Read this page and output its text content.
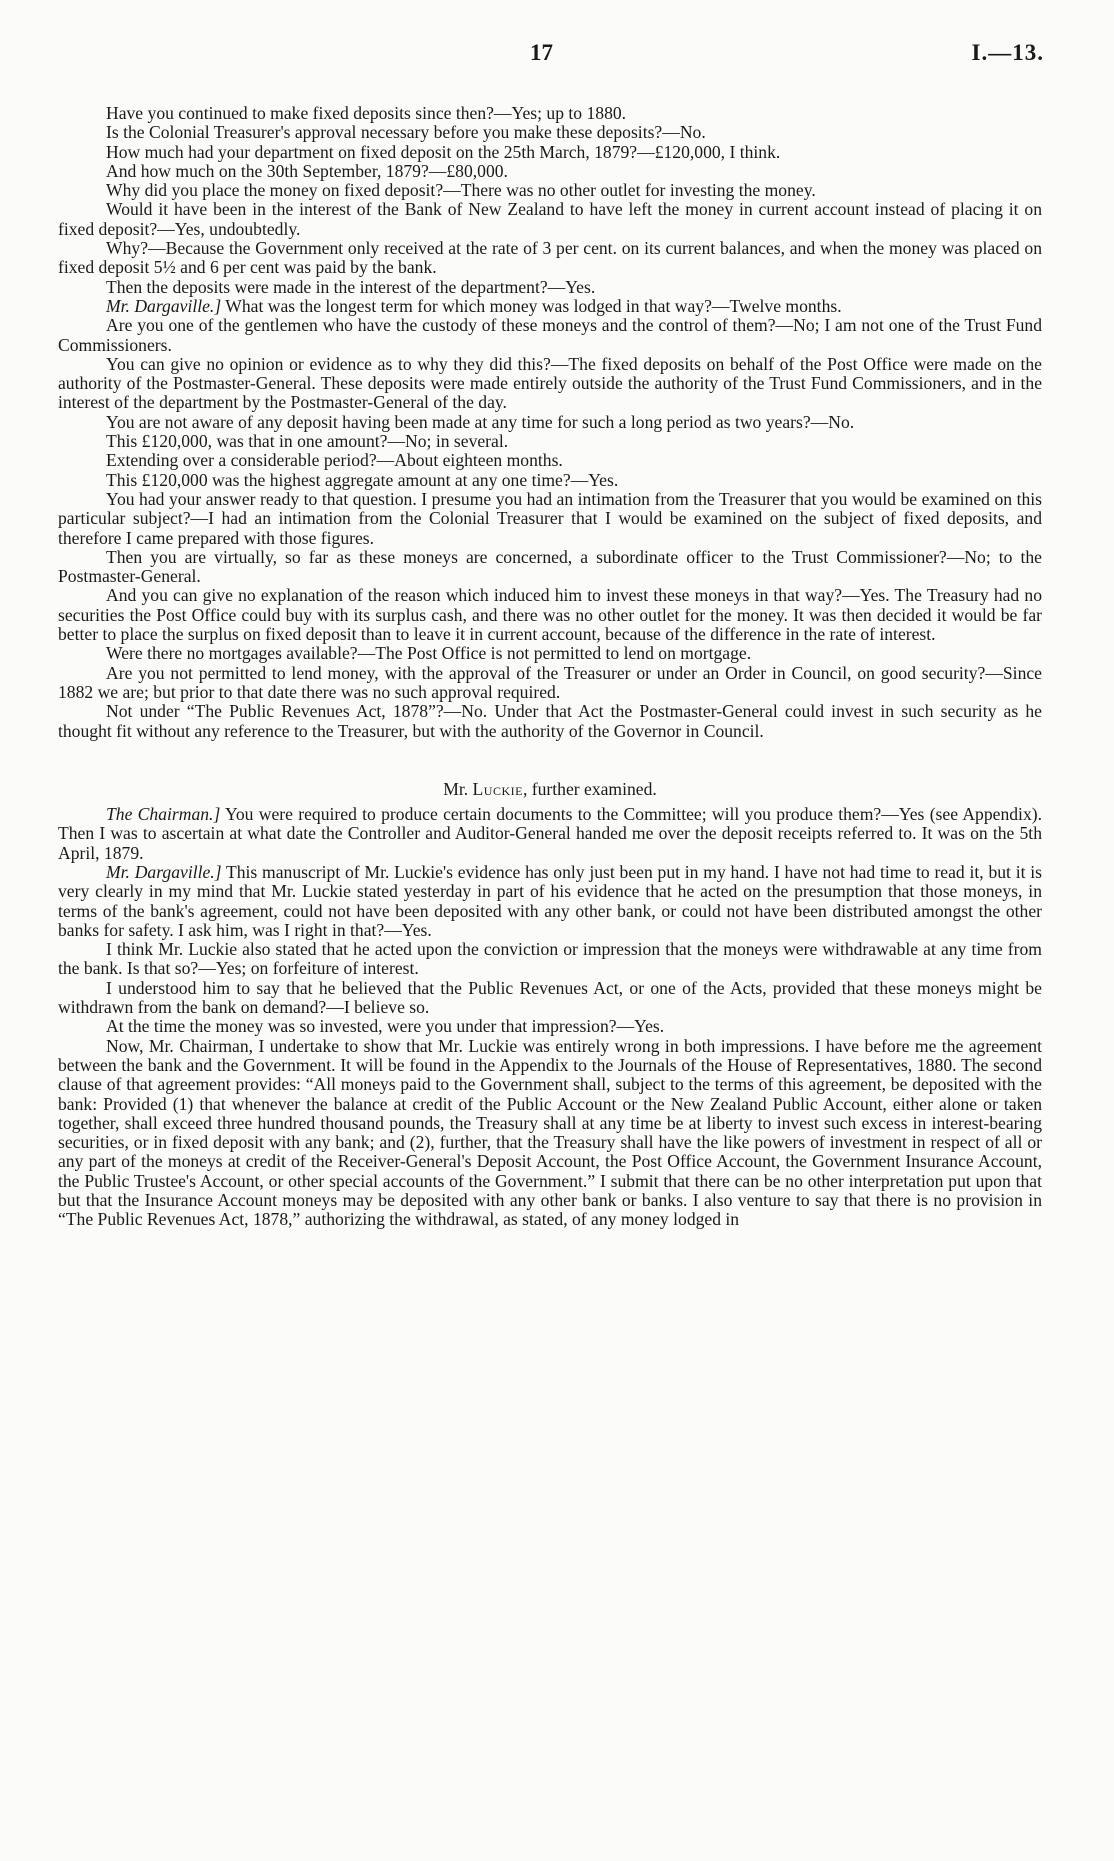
17	I.—13.

Have you continued to make fixed deposits since then?—Yes; up to 1880.

Is the Colonial Treasurer's approval necessary before you make these deposits?—No.

How much had your department on fixed deposit on the 25th March, 1879?—£120,000, I think.

And how much on the 30th September, 1879?—£80,000.

Why did you place the money on fixed deposit?—There was no other outlet for investing the money.

Would it have been in the interest of the Bank of New Zealand to have left the money in current account instead of placing it on fixed deposit?—Yes, undoubtedly.

Why?—Because the Government only received at the rate of 3 per cent. on its current balances, and when the money was placed on fixed deposit 5½ and 6 per cent was paid by the bank.

Then the deposits were made in the interest of the department?—Yes.

Mr. Dargaville.] What was the longest term for which money was lodged in that way?—Twelve months.

Are you one of the gentlemen who have the custody of these moneys and the control of them?—No; I am not one of the Trust Fund Commissioners.

You can give no opinion or evidence as to why they did this?—The fixed deposits on behalf of the Post Office were made on the authority of the Postmaster-General. These deposits were made entirely outside the authority of the Trust Fund Commissioners, and in the interest of the department by the Postmaster-General of the day.

You are not aware of any deposit having been made at any time for such a long period as two years?—No.

This £120,000, was that in one amount?—No; in several.

Extending over a considerable period?—About eighteen months.

This £120,000 was the highest aggregate amount at any one time?—Yes.

You had your answer ready to that question. I presume you had an intimation from the Treasurer that you would be examined on this particular subject?—I had an intimation from the Colonial Treasurer that I would be examined on the subject of fixed deposits, and therefore I came prepared with those figures.

Then you are virtually, so far as these moneys are concerned, a subordinate officer to the Trust Commissioner?—No; to the Postmaster-General.

And you can give no explanation of the reason which induced him to invest these moneys in that way?—Yes. The Treasury had no securities the Post Office could buy with its surplus cash, and there was no other outlet for the money. It was then decided it would be far better to place the surplus on fixed deposit than to leave it in current account, because of the difference in the rate of interest.

Were there no mortgages available?—The Post Office is not permitted to lend on mortgage.

Are you not permitted to lend money, with the approval of the Treasurer or under an Order in Council, on good security?—Since 1882 we are; but prior to that date there was no such approval required.

Not under “The Public Revenues Act, 1878”?—No. Under that Act the Postmaster-General could invest in such security as he thought fit without any reference to the Treasurer, but with the authority of the Governor in Council.

Mr. Luckie, further examined.

The Chairman.] You were required to produce certain documents to the Committee; will you produce them?—Yes (see Appendix). Then I was to ascertain at what date the Controller and Auditor-General handed me over the deposit receipts referred to. It was on the 5th April, 1879.

Mr. Dargaville.] This manuscript of Mr. Luckie's evidence has only just been put in my hand. I have not had time to read it, but it is very clearly in my mind that Mr. Luckie stated yesterday in part of his evidence that he acted on the presumption that those moneys, in terms of the bank's agreement, could not have been deposited with any other bank, or could not have been distributed amongst the other banks for safety. I ask him, was I right in that?—Yes.

I think Mr. Luckie also stated that he acted upon the conviction or impression that the moneys were withdrawable at any time from the bank. Is that so?—Yes; on forfeiture of interest.

I understood him to say that he believed that the Public Revenues Act, or one of the Acts, provided that these moneys might be withdrawn from the bank on demand?—I believe so.

At the time the money was so invested, were you under that impression?—Yes.

Now, Mr. Chairman, I undertake to show that Mr. Luckie was entirely wrong in both impressions. I have before me the agreement between the bank and the Government. It will be found in the Appendix to the Journals of the House of Representatives, 1880. The second clause of that agreement provides: “All moneys paid to the Government shall, subject to the terms of this agreement, be deposited with the bank: Provided (1) that whenever the balance at credit of the Public Account or the New Zealand Public Account, either alone or taken together, shall exceed three hundred thousand pounds, the Treasury shall at any time be at liberty to invest such excess in interest-bearing securities, or in fixed deposit with any bank; and (2), further, that the Treasury shall have the like powers of investment in respect of all or any part of the moneys at credit of the Receiver-General's Deposit Account, the Post Office Account, the Government Insurance Account, the Public Trustee's Account, or other special accounts of the Government.” I submit that there can be no other interpretation put upon that but that the Insurance Account moneys may be deposited with any other bank or banks. I also venture to say that there is no provision in “The Public Revenues Act, 1878,” authorizing the withdrawal, as stated, of any money lodged in
